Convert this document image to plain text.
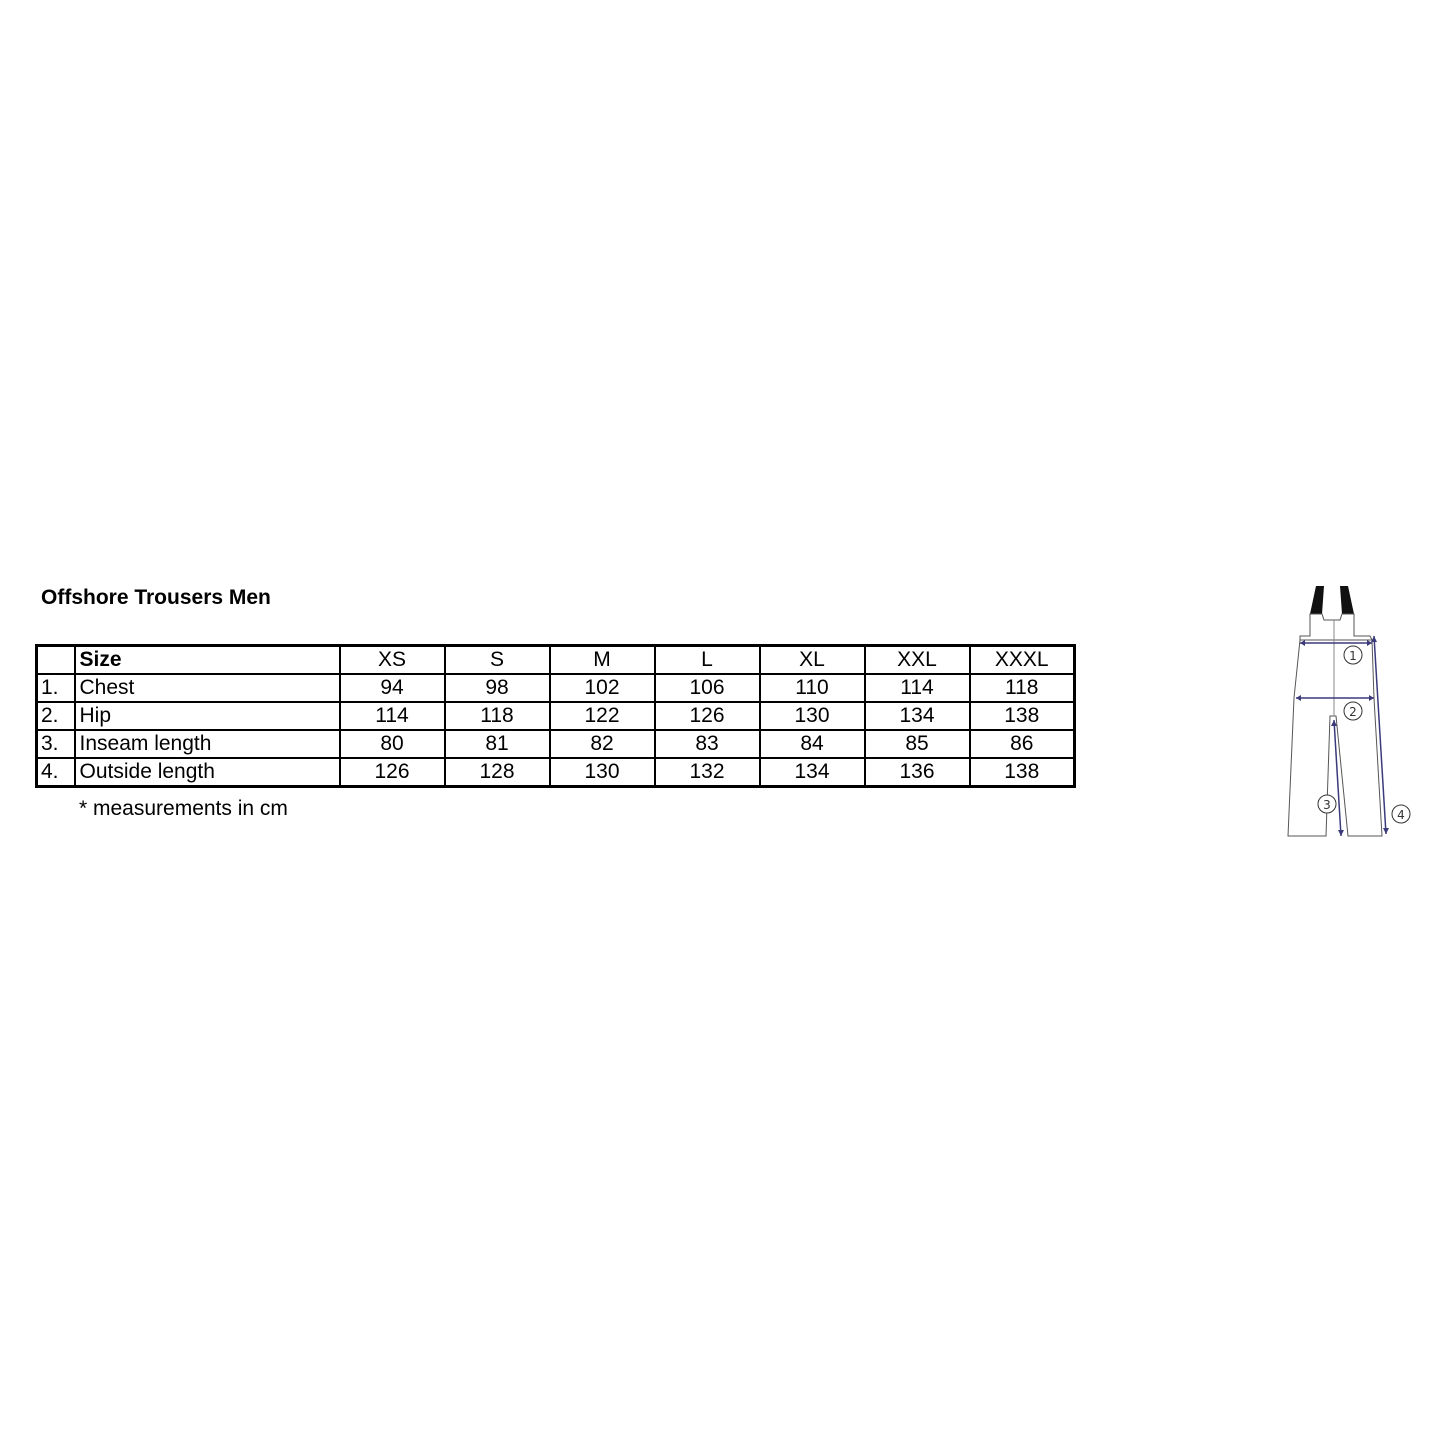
Offshore Trousers Men
	Size	XS	S	M	L	XL	XXL	XXXL
1.	Chest	94	98	102	106	110	114	118
2.	Hip	114	118	122	126	130	134	138
3.	Inseam length	80	81	82	83	84	85	86
4.	Outside length	126	128	130	132	134	136	138
* measurements in cm
1
2
3
4
